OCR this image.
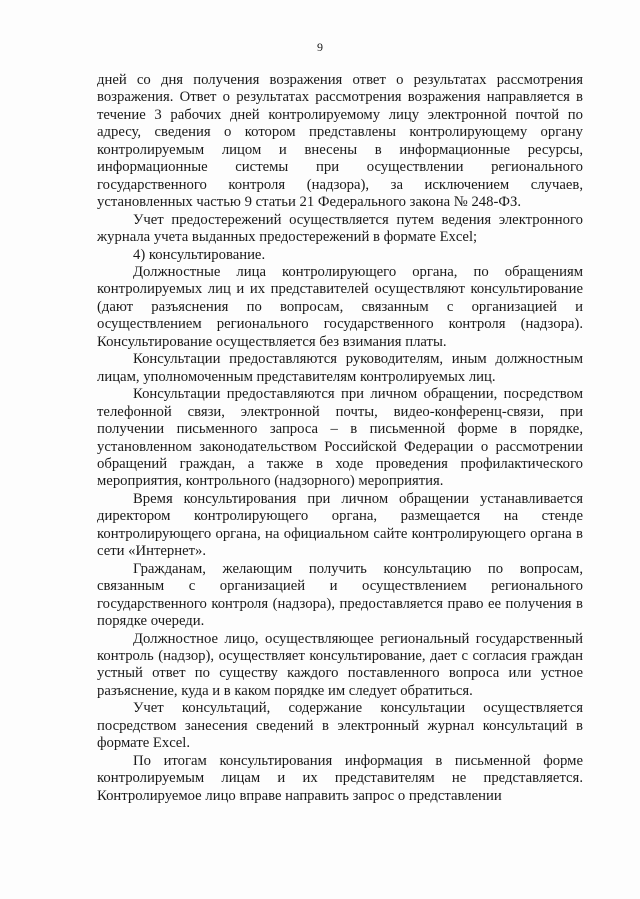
9

дней со дня получения возражения ответ о результатах рассмотрения возражения. Ответ о результатах рассмотрения возражения направляется в течение 3 рабочих дней контролируемому лицу электронной почтой по адресу, сведения о котором представлены контролирующему органу контролируемым лицом и внесены в информационные ресурсы, информационные системы при осуществлении регионального государственного контроля (надзора), за исключением случаев, установленных частью 9 статьи 21 Федерального закона № 248-ФЗ.

Учет предостережений осуществляется путем ведения электронного журнала учета выданных предостережений в формате Excel;

4) консультирование.

Должностные лица контролирующего органа, по обращениям контролируемых лиц и их представителей осуществляют консультирование (дают разъяснения по вопросам, связанным с организацией и осуществлением регионального государственного контроля (надзора). Консультирование осуществляется без взимания платы.

Консультации предоставляются руководителям, иным должностным лицам, уполномоченным представителям контролируемых лиц.

Консультации предоставляются при личном обращении, посредством телефонной связи, электронной почты, видео-конференц-связи, при получении письменного запроса – в письменной форме в порядке, установленном законодательством Российской Федерации о рассмотрении обращений граждан, а также в ходе проведения профилактического мероприятия, контрольного (надзорного) мероприятия.

Время консультирования при личном обращении устанавливается директором контролирующего органа, размещается на стенде контролирующего органа, на официальном сайте контролирующего органа в сети «Интернет».

Гражданам, желающим получить консультацию по вопросам, связанным с организацией и осуществлением регионального государственного контроля (надзора), предоставляется право ее получения в порядке очереди.

Должностное лицо, осуществляющее региональный государственный контроль (надзор), осуществляет консультирование, дает с согласия граждан устный ответ по существу каждого поставленного вопроса или устное разъяснение, куда и в каком порядке им следует обратиться.

Учет консультаций, содержание консультации осуществляется посредством занесения сведений в электронный журнал консультаций в формате Excel.

По итогам консультирования информация в письменной форме контролируемым лицам и их представителям не представляется. Контролируемое лицо вправе направить запрос о представлении
